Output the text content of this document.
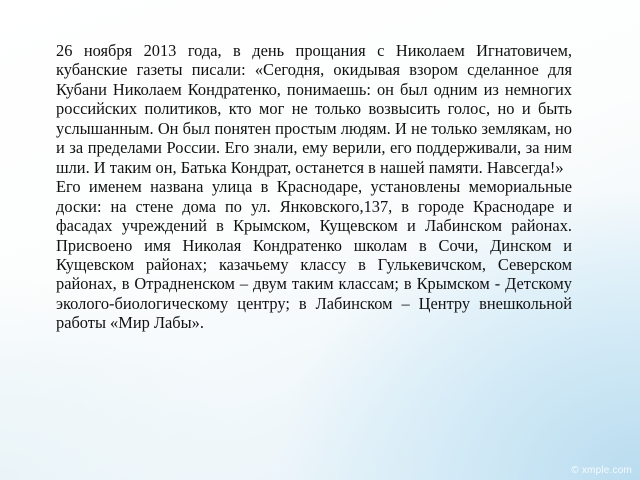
26 ноября 2013 года, в день прощания с Николаем Игнатовичем, кубанские газеты писали: «Сегодня, окидывая взором сделанное для Кубани Николаем Кондратенко, понимаешь: он был одним из немногих российских политиков, кто мог не только возвысить голос, но и быть услышанным. Он был понятен простым людям. И не только землякам, но и за пределами России. Его знали, ему верили, его поддерживали, за ним шли. И таким он, Батька Кондрат, останется в нашей памяти. Навсегда!»

Его именем названа улица в Краснодаре, установлены мемориальные доски: на стене дома по ул. Янковского,137, в городе Краснодаре и фасадах учреждений в Крымском, Кущевском и Лабинском районах. Присвоено имя Николая Кондратенко школам в Сочи, Динском и Кущевском районах; казачьему классу в Гулькевичском, Северском районах, в Отрадненском – двум таким классам; в Крымском - Детскому эколого-биологическому центру; в Лабинском – Центру внешкольной работы «Мир Лабы».

© xmple.com
